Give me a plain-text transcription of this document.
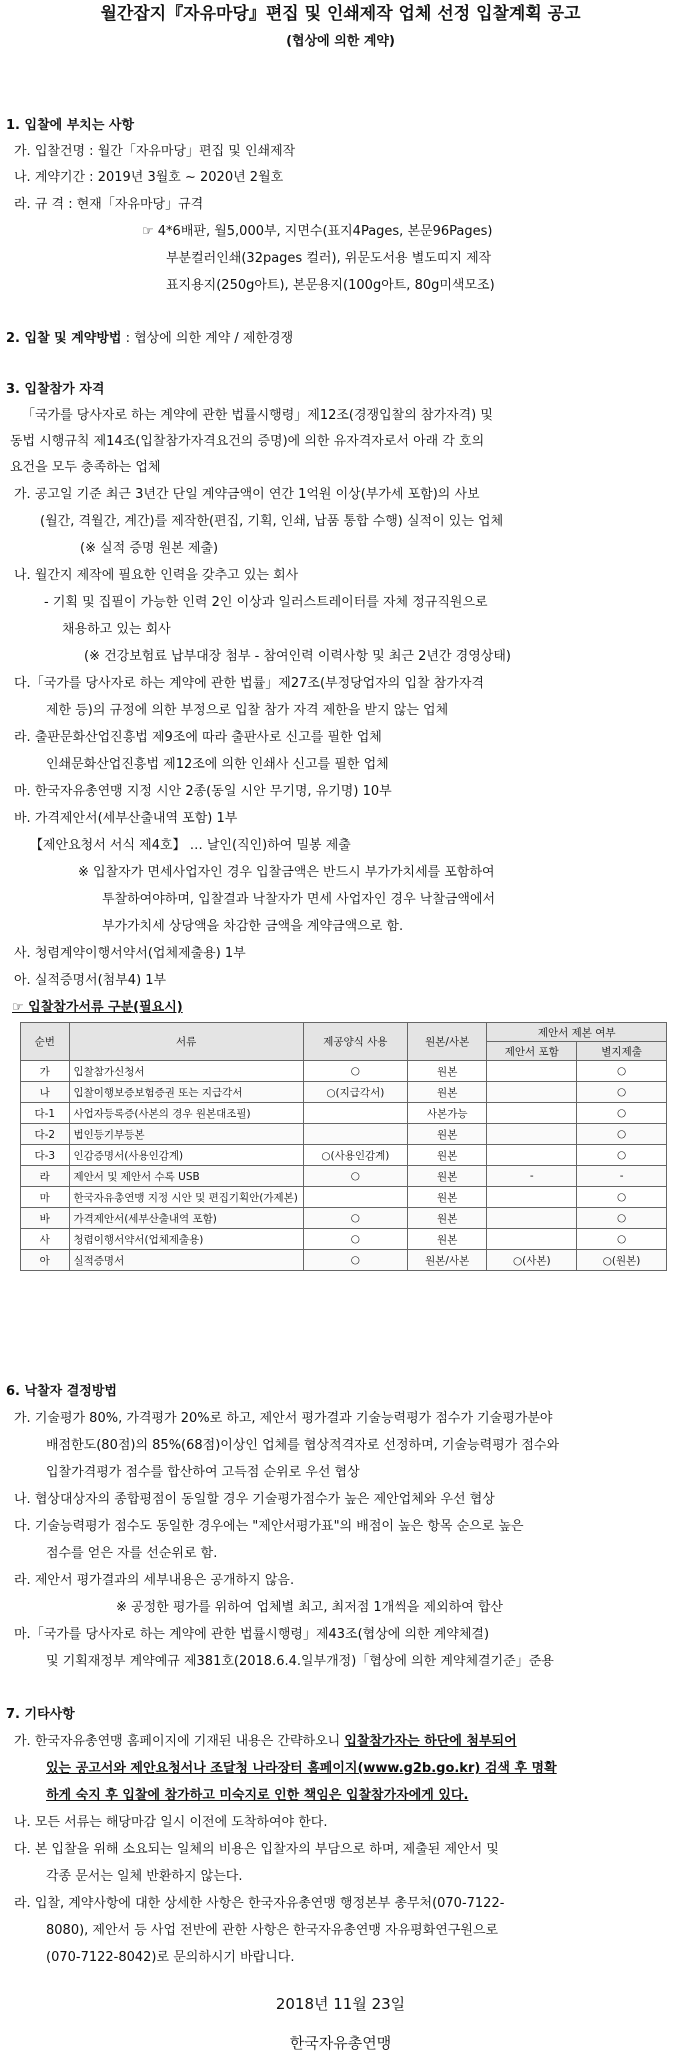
월간잡지『자유마당』편집 및 인쇄제작 업체 선정 입찰계획 공고
(협상에 의한 계약)
1. 입찰에 부치는 사항
가. 입찰건명 : 월간「자유마당」편집 및 인쇄제작
나. 계약기간 : 2019년 3월호 ~ 2020년 2월호
라. 규 격 : 현재「자유마당」규격
☞ 4*6배판, 월5,000부, 지면수(표지4Pages, 본문96Pages)
부분컬러인쇄(32pages 컬러), 위문도서용 별도띠지 제작
표지용지(250g아트), 본문용지(100g아트, 80g미색모조)
2. 입찰 및 계약방법 : 협상에 의한 계약 / 제한경쟁
3. 입찰참가 자격
「국가를 당사자로 하는 계약에 관한 법률시행령」제12조(경쟁입찰의 참가자격) 및
동법 시행규칙 제14조(입찰참가자격요건의 증명)에 의한 유자격자로서 아래 각 호의
요건을 모두 충족하는 업체
가. 공고일 기준 최근 3년간 단일 계약금액이 연간 1억원 이상(부가세 포함)의 사보
(월간, 격월간, 계간)를 제작한(편집, 기획, 인쇄, 납품 통합 수행) 실적이 있는 업체
(※ 실적 증명 원본 제출)
나. 월간지 제작에 필요한 인력을 갖추고 있는 회사
- 기획 및 집필이 가능한 인력 2인 이상과 일러스트레이터를 자체 정규직원으로
채용하고 있는 회사
(※ 건강보험료 납부대장 첨부 - 참여인력 이력사항 및 최근 2년간 경영상태)
다.「국가를 당사자로 하는 계약에 관한 법률」제27조(부정당업자의 입찰 참가자격
제한 등)의 규정에 의한 부정으로 입찰 참가 자격 제한을 받지 않는 업체
라. 출판문화산업진흥법 제9조에 따라 출판사로 신고를 필한 업체
인쇄문화산업진흥법 제12조에 의한 인쇄사 신고를 필한 업체
마. 한국자유총연맹 지정 시안 2종(동일 시안 무기명, 유기명) 10부
바. 가격제안서(세부산출내역 포함) 1부
【제안요청서 서식 제4호】 … 날인(직인)하여 밀봉 제출
※ 입찰자가 면세사업자인 경우 입찰금액은 반드시 부가가치세를 포함하여
투찰하여야하며, 입찰결과 낙찰자가 면세 사업자인 경우 낙찰금액에서
부가가치세 상당액을 차감한 금액을 계약금액으로 함.
사. 청렴계약이행서약서(업체제출용) 1부
아. 실적증명서(첨부4) 1부
☞ 입찰참가서류 구분(필요시)
순번	서류	제공양식 사용	원본/사본	제안서 제본 여부	
				제안서 포함	별지제출
가	입찰참가신청서	○	원본		○
나	입찰이행보증보험증권 또는 지급각서	○(지급각서)	원본		○
다-1	사업자등록증(사본의 경우 원본대조필)		사본가능		○
다-2	법인등기부등본		원본		○
다-3	인감증명서(사용인감계)	○(사용인감계)	원본		○
라	제안서 및 제안서 수록 USB	○	원본	-	-
마	한국자유총연맹 지정 시안 및 편집기획안(가제본)		원본		○
바	가격제안서(세부산출내역 포함)	○	원본		○
사	청렴이행서약서(업체제출용)	○	원본		○
아	실적증명서	○	원본/사본	○(사본)	○(원본)
6. 낙찰자 결정방법
가. 기술평가 80%, 가격평가 20%로 하고, 제안서 평가결과 기술능력평가 점수가 기술평가분야
배점한도(80점)의 85%(68점)이상인 업체를 협상적격자로 선정하며, 기술능력평가 점수와
입찰가격평가 점수를 합산하여 고득점 순위로 우선 협상
나. 협상대상자의 종합평점이 동일할 경우 기술평가점수가 높은 제안업체와 우선 협상
다. 기술능력평가 점수도 동일한 경우에는 "제안서평가표"의 배점이 높은 항목 순으로 높은
점수를 얻은 자를 선순위로 함.
라. 제안서 평가결과의 세부내용은 공개하지 않음.
※ 공정한 평가를 위하여 업체별 최고, 최저점 1개씩을 제외하여 합산
마.「국가를 당사자로 하는 계약에 관한 법률시행령」제43조(협상에 의한 계약체결)
및 기획재정부 계약예규 제381호(2018.6.4.일부개정)「협상에 의한 계약체결기준」준용
7. 기타사항
가. 한국자유총연맹 홈페이지에 기재된 내용은 간략하오니 입찰참가자는 하단에 첨부되어
있는 공고서와 제안요청서나 조달청 나라장터 홈페이지(www.g2b.go.kr) 검색 후 명확
하게 숙지 후 입찰에 참가하고 미숙지로 인한 책임은 입찰참가자에게 있다.
나. 모든 서류는 해당마감 일시 이전에 도착하여야 한다.
다. 본 입찰을 위해 소요되는 일체의 비용은 입찰자의 부담으로 하며, 제출된 제안서 및
각종 문서는 일체 반환하지 않는다.
라. 입찰, 계약사항에 대한 상세한 사항은 한국자유총연맹 행정본부 총무처(070-7122-
8080), 제안서 등 사업 전반에 관한 사항은 한국자유총연맹 자유평화연구원으로
(070-7122-8042)로 문의하시기 바랍니다.
2018년 11월 23일
한국자유총연맹
